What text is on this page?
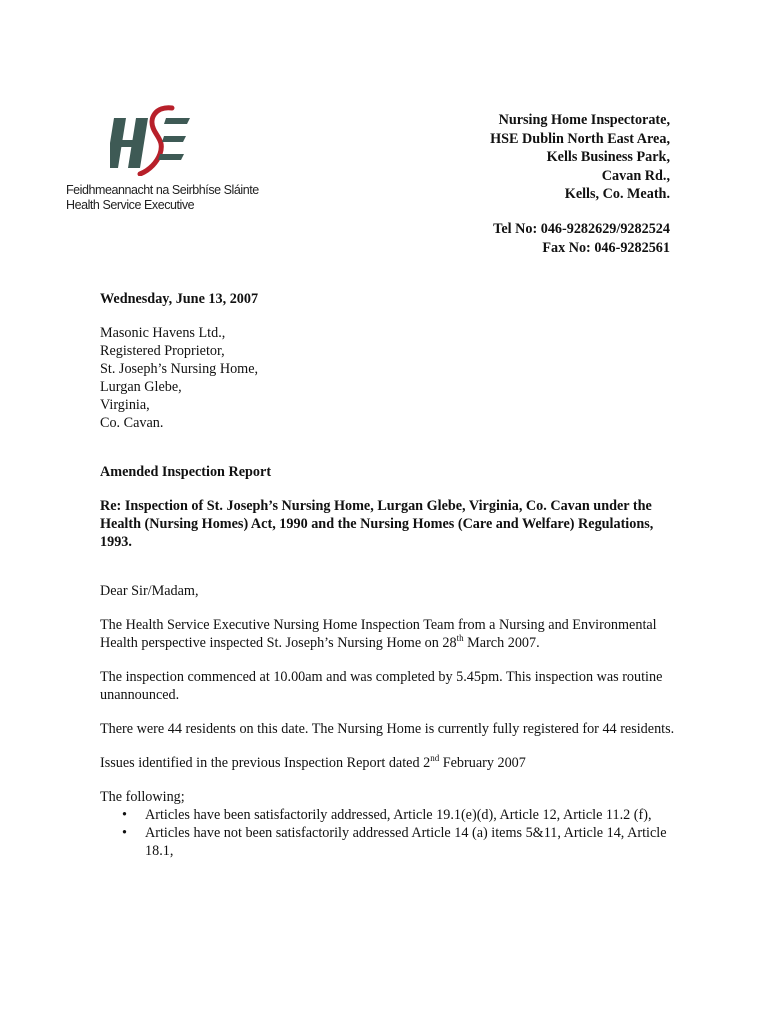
Feidhmeannacht na Seirbhíse Sláinte
Health Service Executive
Nursing Home Inspectorate,
HSE Dublin North East Area,
Kells Business Park,
Cavan Rd.,
Kells, Co. Meath.
Tel No: 046-9282629/9282524
Fax No: 046-9282561

Wednesday, June 13, 2007

Masonic Havens Ltd.,
Registered Proprietor,
St. Joseph’s Nursing Home,
Lurgan Glebe,
Virginia,
Co. Cavan.

Amended Inspection Report

Re: Inspection of St. Joseph’s Nursing Home, Lurgan Glebe, Virginia, Co. Cavan under the Health (Nursing Homes) Act, 1990 and the Nursing Homes (Care and Welfare) Regulations, 1993.

Dear Sir/Madam,

The Health Service Executive Nursing Home Inspection Team from a Nursing and Environmental Health perspective inspected St. Joseph’s Nursing Home on 28th March 2007.

The inspection commenced at 10.00am and was completed by 5.45pm. This inspection was routine unannounced.

There were 44 residents on this date. The Nursing Home is currently fully registered for 44 residents.

Issues identified in the previous Inspection Report dated 2nd February 2007

The following;

• Articles have been satisfactorily addressed, Article 19.1(e)(d), Article 12, Article 11.2 (f),
• Articles have not been satisfactorily addressed Article 14 (a) items 5&11, Article 14, Article 18.1,
